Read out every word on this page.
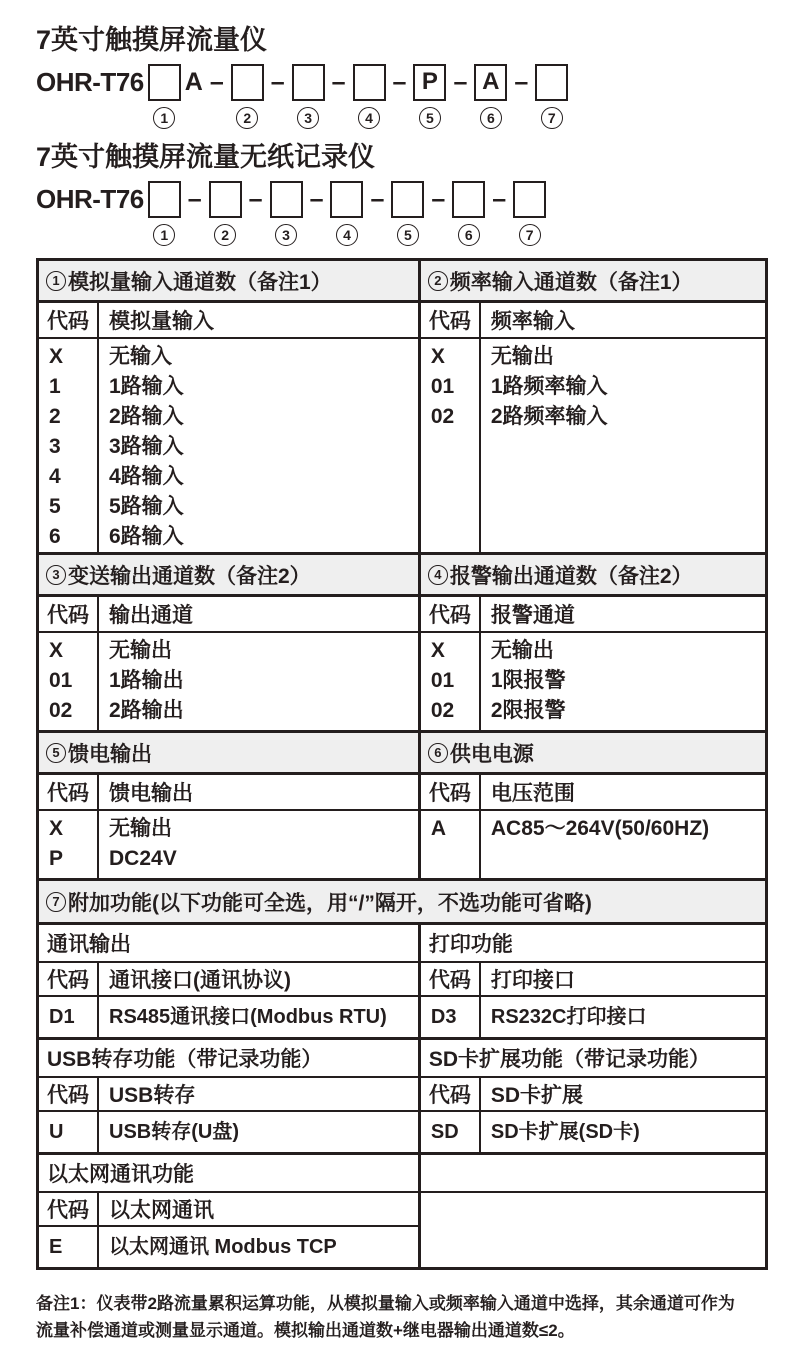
7英寸触摸屏流量仪
OHR-T76
1
A –
2
–
3
–
4
– P
5
– A
6
–
7
7英寸触摸屏流量无纸记录仪
OHR-T76
1
–
2
–
3
–
4
–
5
–
6
–
7
1 模拟量输入通道数（备注1）
代码 模拟量输入
X
1
2
3
4
5
6
无输入
1路输入
2路输入
3路输入
4路输入
5路输入
6路输入
2 频率输入通道数（备注1）
代码 频率输入
X
01
02
无输出
1路频率输入
2路频率输入
3 变送输出通道数（备注2）
代码 输出通道
X
01
02
无输出
1路输出
2路输出
4 报警输出通道数（备注2）
代码 报警通道
X
01
02
无输出
1限报警
2限报警
5 馈电输出
代码 馈电输出
X
P
无输出
DC24V
6 供电电源
代码 电压范围
A	AC85～264V(50/60HZ)
7 附加功能(以下功能可全选，用“/”隔开，不选功能可省略)
通讯输出
代码 通讯接口(通讯协议)
D1 RS485通讯接口(Modbus RTU)
打印功能
代码 打印接口
D3 RS232C打印接口
USB转存功能（带记录功能）
代码 USB转存
U USB转存(U盘)
SD卡扩展功能（带记录功能）
代码 SD卡扩展
SD SD卡扩展(SD卡)
以太网通讯功能
代码 以太网通讯
E 以太网通讯 Modbus TCP
备注1：仪表带2路流量累积运算功能，从模拟量输入或频率输入通道中选择，其余通道可作为
流量补偿通道或测量显示通道。模拟输出通道数+继电器输出通道数≤2。
